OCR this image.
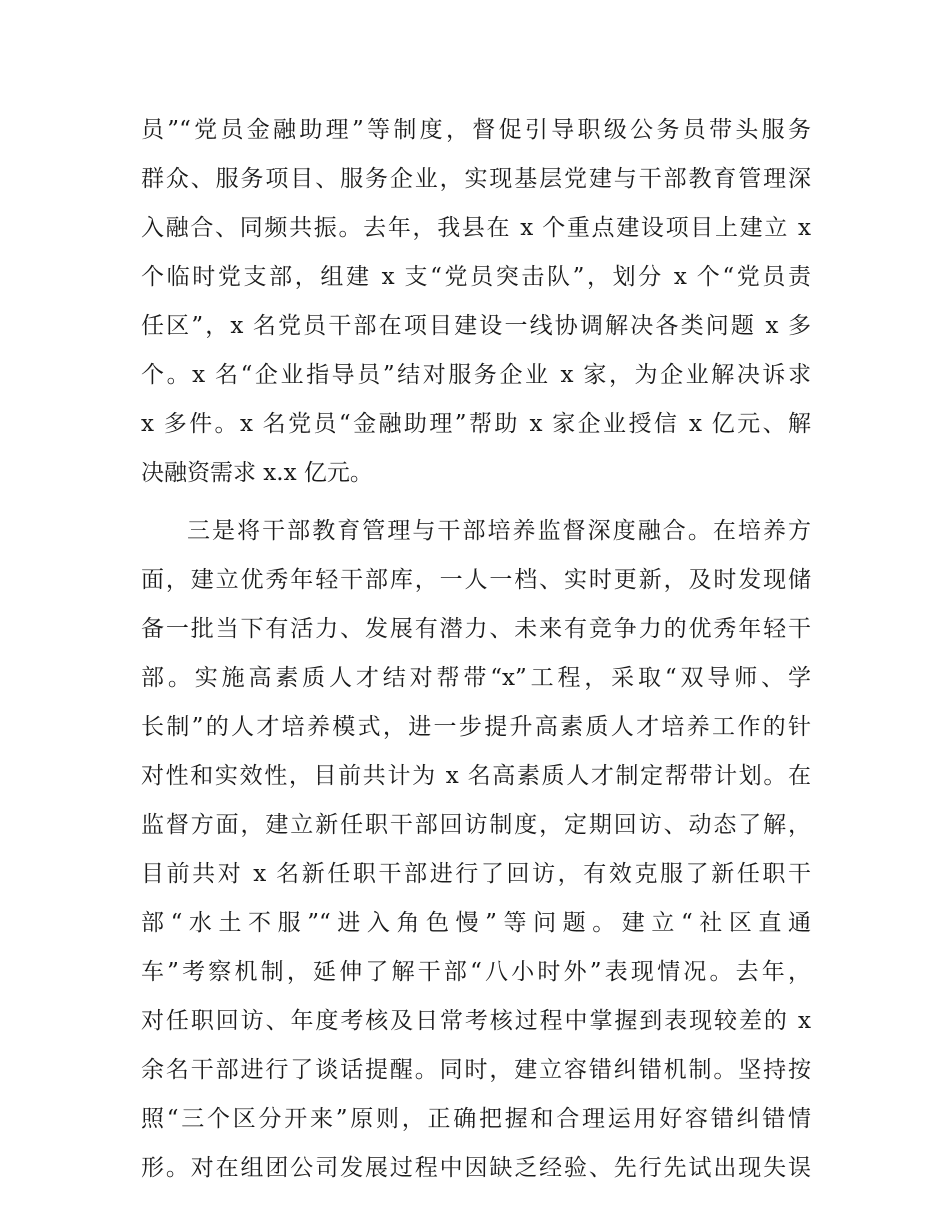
员”“党员金融助理”等制度，督促引导职级公务员带头服务
群众、服务项目、服务企业，实现基层党建与干部教育管理深
入融合、同频共振。去年，我县在 x 个重点建设项目上建立 x
个临时党支部，组建 x 支“党员突击队”，划分 x 个“党员责
任区”，x 名党员干部在项目建设一线协调解决各类问题 x 多
个。x 名“企业指导员”结对服务企业 x 家，为企业解决诉求
x 多件。x 名党员“金融助理”帮助 x 家企业授信 x 亿元、解
决融资需求 x.x 亿元。
三是将干部教育管理与干部培养监督深度融合。在培养方
面，建立优秀年轻干部库，一人一档、实时更新，及时发现储
备一批当下有活力、发展有潜力、未来有竞争力的优秀年轻干
部。实施高素质人才结对帮带“x”工程，采取“双导师、学
长制”的人才培养模式，进一步提升高素质人才培养工作的针
对性和实效性，目前共计为 x 名高素质人才制定帮带计划。在
监督方面，建立新任职干部回访制度，定期回访、动态了解，
目前共对 x 名新任职干部进行了回访，有效克服了新任职干
部“水土不服”“进入角色慢”等问题。建立“社区直通
车”考察机制，延伸了解干部“八小时外”表现情况。去年，
对任职回访、年度考核及日常考核过程中掌握到表现较差的 x
余名干部进行了谈话提醒。同时，建立容错纠错机制。坚持按
照“三个区分开来”原则，正确把握和合理运用好容错纠错情
形。对在组团公司发展过程中因缺乏经验、先行先试出现失误
